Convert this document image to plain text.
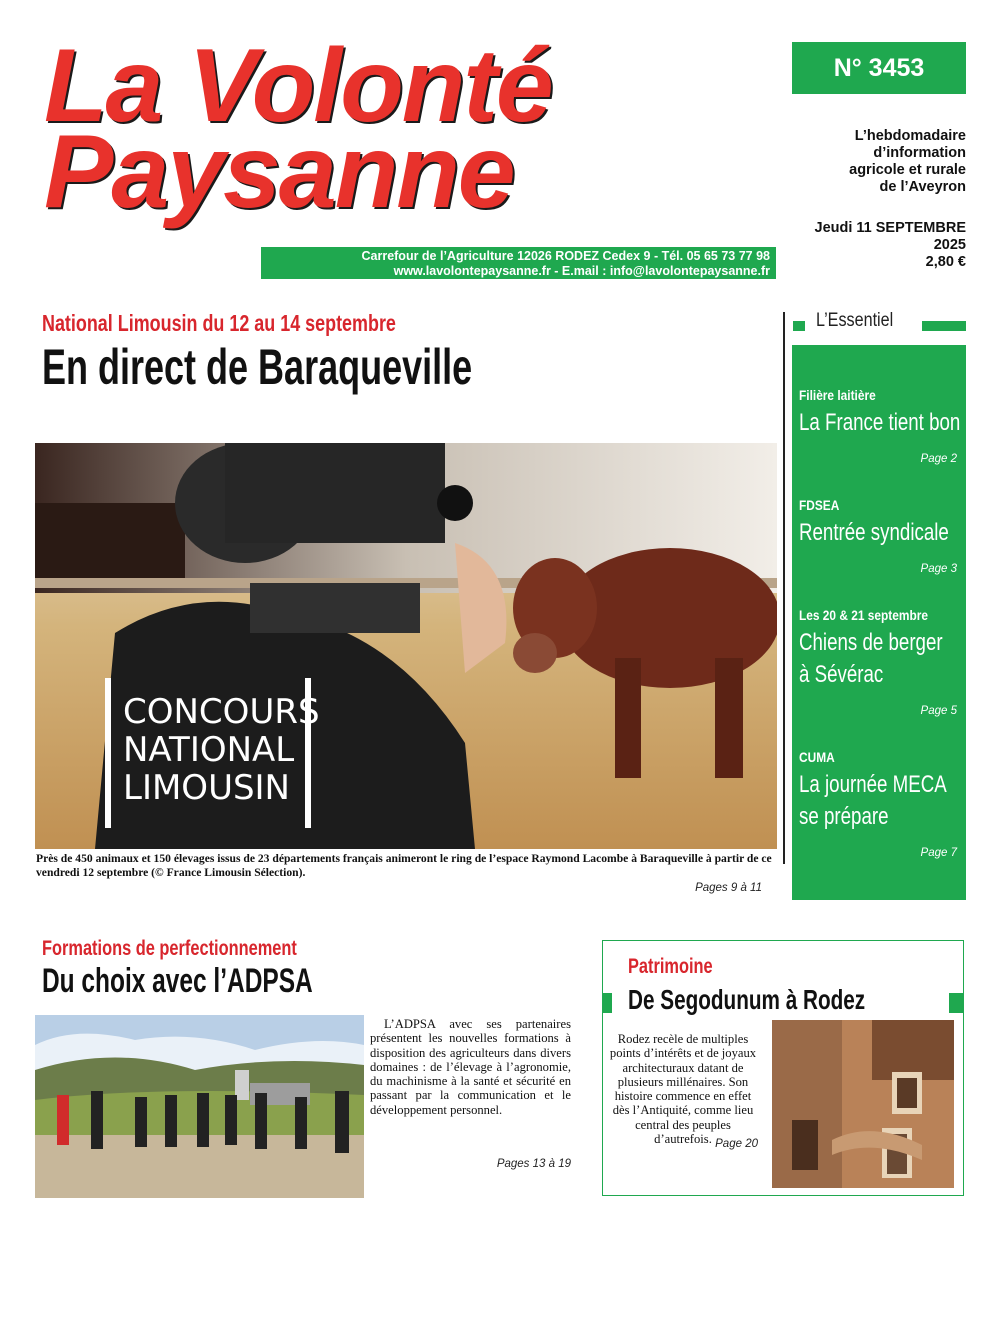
La Volonté
Paysanne
Carrefour de l’Agriculture 12026 RODEZ Cedex 9 - Tél. 05 65 73 77 98
www.lavolontepaysanne.fr - E.mail : info@lavolontepaysanne.fr
N° 3453
L’hebdomadaire
d’information
agricole et rurale
de l’Aveyron
Jeudi 11 SEPTEMBRE
2025
2,80 €
National Limousin du 12 au 14 septembre
En direct de Baraqueville
CONCOURS
NATIONAL
LIMOUSIN
Près de 450 animaux et 150 élevages issus de 23 départements français animeront le ring de l’espace Raymond Lacombe à Baraqueville à partir de ce vendredi 12 septembre (© France Limousin Sélection).
Pages 9 à 11
L’Essentiel
Filière laitière
La France tient bon
Page 2
FDSEA
Rentrée syndicale
Page 3
Les 20 & 21 septembre
Chiens de berger
à Sévérac
Page 5
CUMA
La journée MECA
se prépare
Page 7
Formations de perfectionnement
Du choix avec l’ADPSA
L’ADPSA avec ses partenaires présentent les nouvelles formations à disposition des agriculteurs dans divers domaines : de l’élevage à l’agronomie, du machinisme à la santé et sécurité en passant par la communication et le développement personnel.
Pages 13 à 19
Patrimoine
De Segodunum à Rodez
Rodez recèle de multiples points d’intérêts et de joyaux architecturaux datant de plusieurs millénaires. Son histoire commence en effet dès l’Antiquité, comme lieu central des peuples d’autrefois. Page 20
